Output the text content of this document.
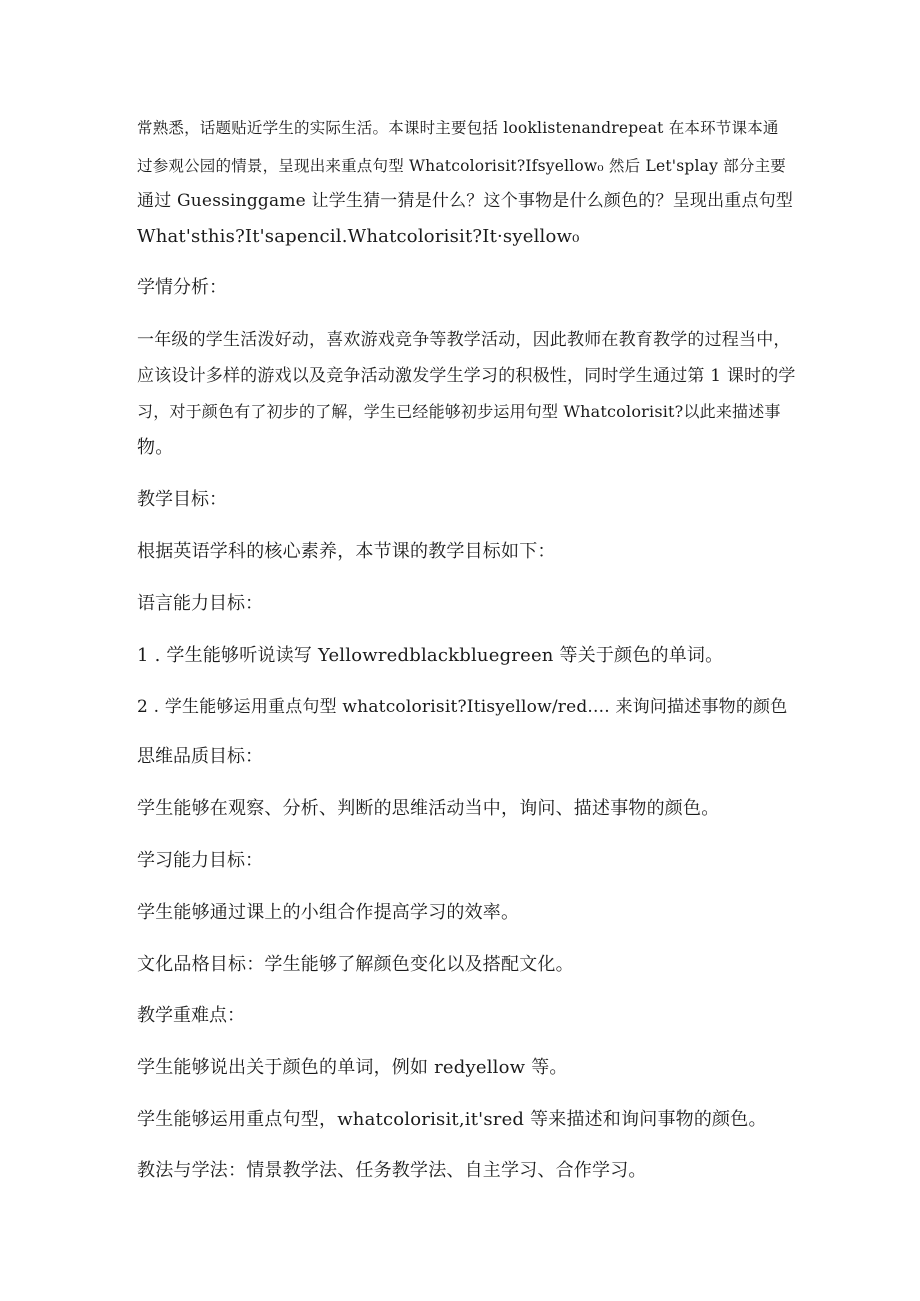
常熟悉，话题贴近学生的实际生活。本课时主要包括 looklistenandrepeat 在本环节课本通
过参观公园的情景，呈现出来重点句型 Whatcolorisit?Ifsyellow₀ 然后 Let'splay 部分主要
通过 Guessinggame 让学生猜一猜是什么？这个事物是什么颜色的？呈现出重点句型
What'sthis?It'sapencil.Whatcolorisit?It·syellow₀
学情分析：
一年级的学生活泼好动，喜欢游戏竞争等教学活动，因此教师在教育教学的过程当中，
应该设计多样的游戏以及竞争活动激发学生学习的积极性，同时学生通过第 1 课时的学
习，对于颜色有了初步的了解，学生已经能够初步运用句型 Whatcolorisit?以此来描述事
物。
教学目标：
根据英语学科的核心素养，本节课的教学目标如下：
语言能力目标：
1 . 学生能够听说读写 Yellowredblackbluegreen 等关于颜色的单词。
2 . 学生能够运用重点句型 whatcolorisit?Itisyellow/red.... 来询问描述事物的颜色
思维品质目标：
学生能够在观察、分析、判断的思维活动当中，询问、描述事物的颜色。
学习能力目标：
学生能够通过课上的小组合作提高学习的效率。
文化品格目标：学生能够了解颜色变化以及搭配文化。
教学重难点：
学生能够说出关于颜色的单词，例如 redyellow 等。
学生能够运用重点句型，whatcolorisit,it'sred 等来描述和询问事物的颜色。
教法与学法：情景教学法、任务教学法、自主学习、合作学习。
